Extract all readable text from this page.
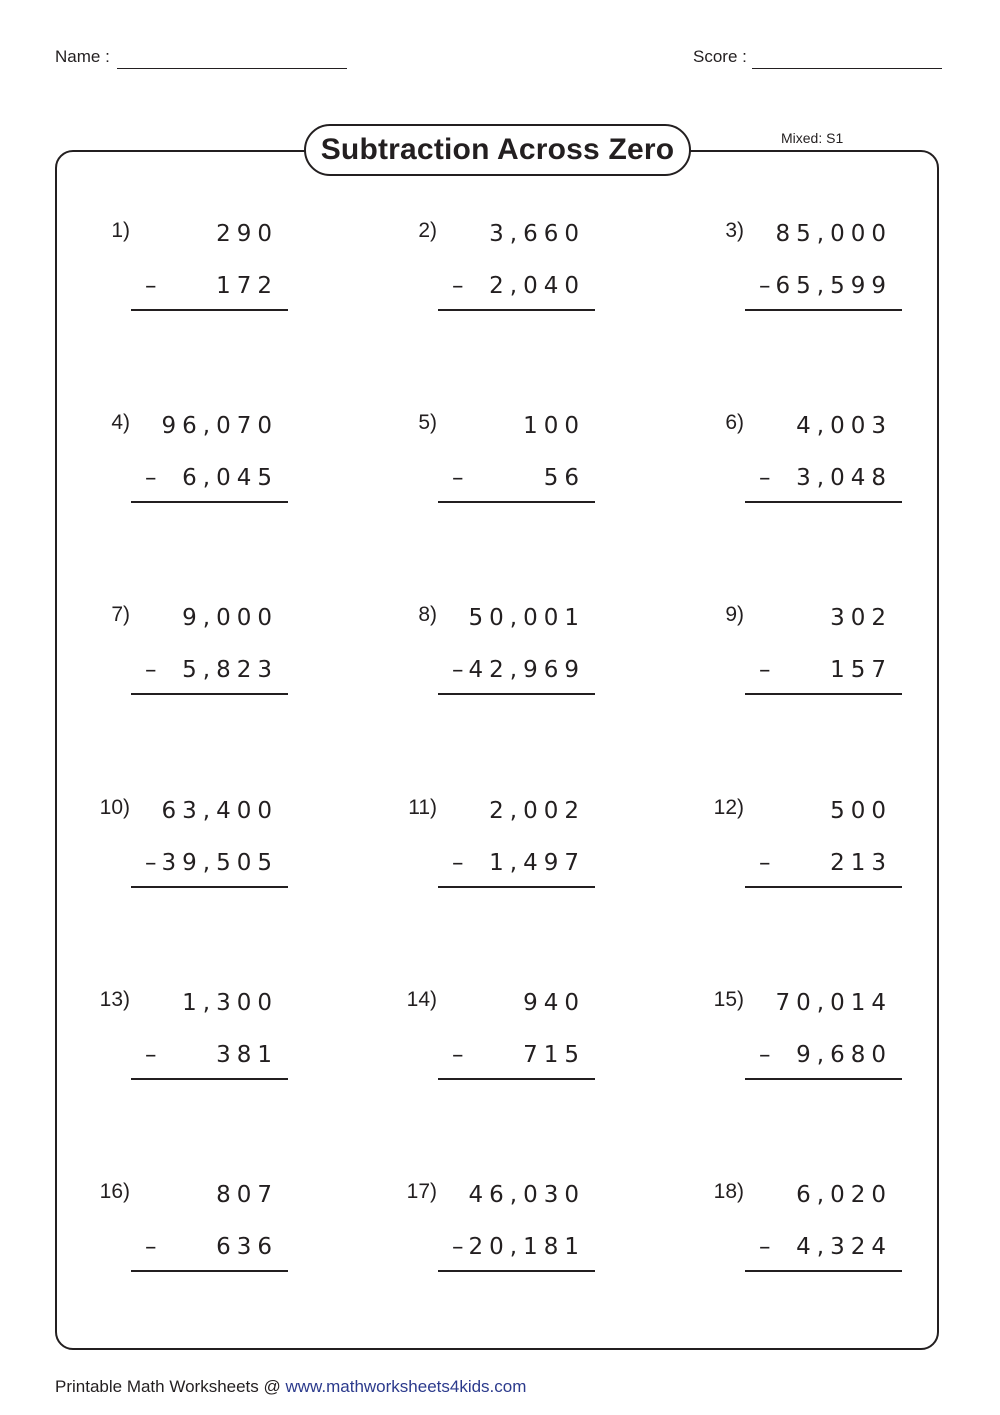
Name :	Score :
Subtraction Across Zero	Mixed: S1
1)	290
–	172
2) 3,660
– 2,040
3) 85,000
– 65,599
4) 96,070
– 6,045
5)	100
–	56
6) 4,003
– 3,048
7) 9,000
– 5,823
8) 50,001
– 42,969
9)	302
–	157
10) 63,400
– 39,505
11) 2,002
– 1,497
12)	500
–	213
13) 1,300
–	381
14)	940
–	715
15) 70,014
– 9,680
16)	807
–	636
17) 46,030
– 20,181
18) 6,020
– 4,324
Printable Math Worksheets @ www.mathworksheets4kids.com
